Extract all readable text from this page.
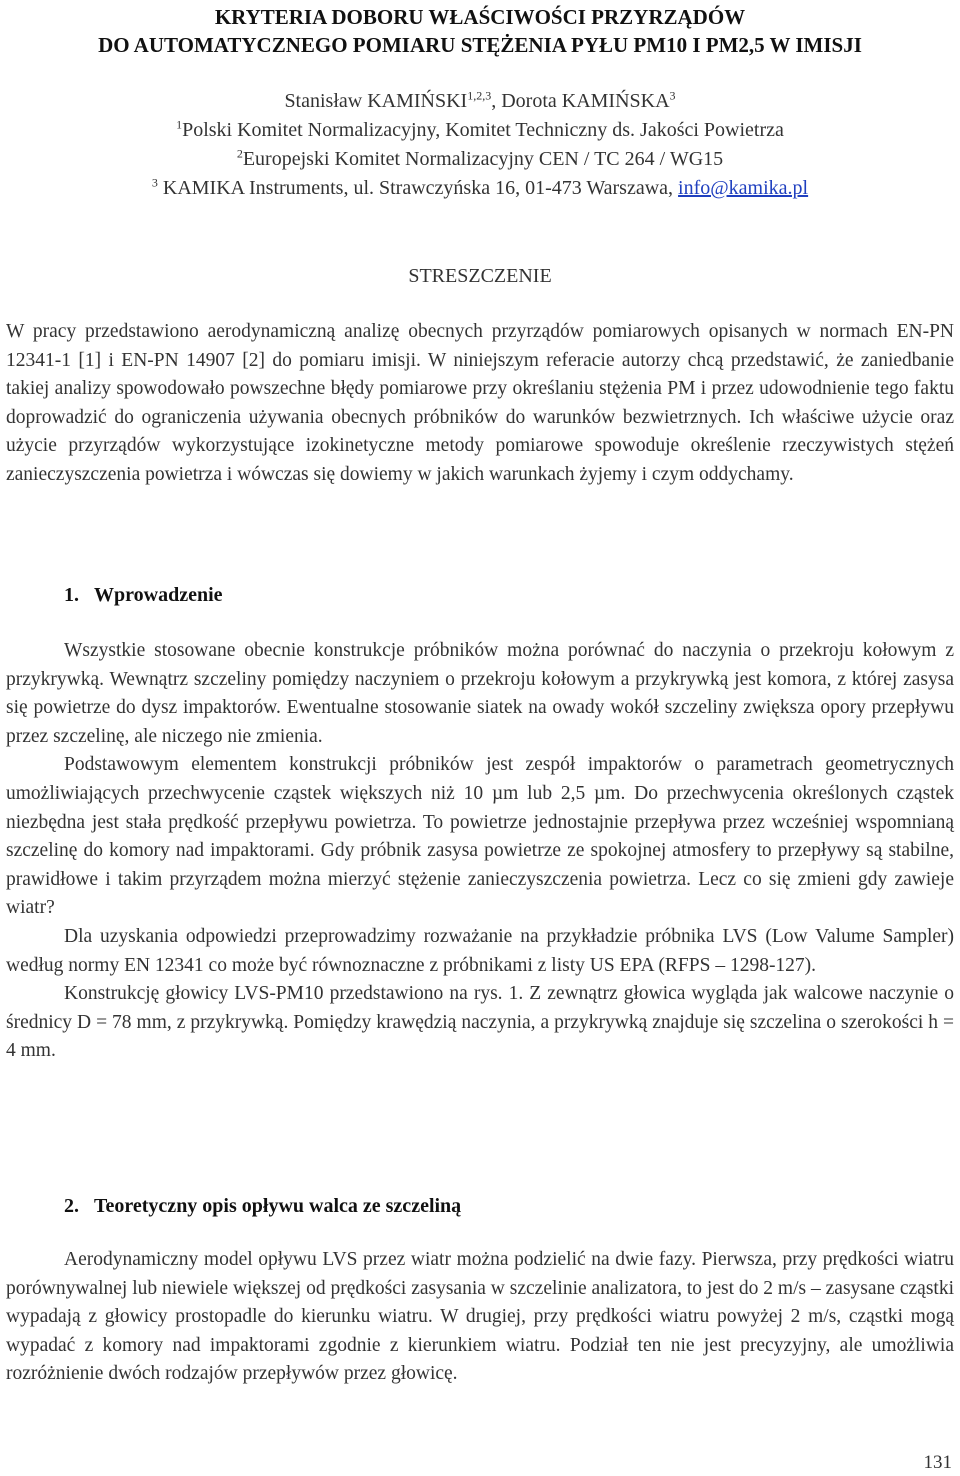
KRYTERIA DOBORU WŁAŚCIWOŚCI PRZYRZĄDÓW
DO AUTOMATYCZNEGO POMIARU STĘŻENIA PYŁU PM10 I PM2,5 W IMISJI
Stanisław KAMIŃSKI$^{1,2,3}$, Dorota KAMIŃSKA$^3$
$^1$Polski Komitet Normalizacyjny, Komitet Techniczny ds. Jakości Powietrza
$^2$Europejski Komitet Normalizacyjny CEN / TC 264 / WG15
$^3$ KAMIKA Instruments, ul. Strawczyńska 16, 01-473 Warszawa, info@kamika.pl
STRESZCZENIE

W pracy przedstawiono aerodynamiczną analizę obecnych przyrządów pomiarowych opisanych w normach EN-PN 12341-1 [1] i EN-PN 14907 [2] do pomiaru imisji. W niniejszym referacie autorzy chcą przedstawić, że zaniedbanie takiej analizy spowodowało powszechne błędy pomiarowe przy określaniu stężenia PM i przez udowodnienie tego faktu doprowadzić do ograniczenia używania obecnych próbników do warunków bezwietrznych. Ich właściwe użycie oraz użycie przyrządów wykorzystujące izokinetyczne metody pomiarowe spowoduje określenie rzeczywistych stężeń zanieczyszczenia powietrza i wówczas się dowiemy w jakich warunkach żyjemy i czym oddychamy.

1. Wprowadzenie

Wszystkie stosowane obecnie konstrukcje próbników można porównać do naczynia o przekroju kołowym z przykrywką. Wewnątrz szczeliny pomiędzy naczyniem o przekroju kołowym a przykrywką jest komora, z której zasysa się powietrze do dysz impaktorów. Ewentualne stosowanie siatek na owady wokół szczeliny zwiększa opory przepływu przez szczelinę, ale niczego nie zmienia.

Podstawowym elementem konstrukcji próbników jest zespół impaktorów o parametrach geometrycznych umożliwiających przechwycenie cząstek większych niż 10 µm lub 2,5 µm. Do przechwycenia określonych cząstek niezbędna jest stała prędkość przepływu powietrza. To powietrze jednostajnie przepływa przez wcześniej wspomnianą szczelinę do komory nad impaktorami. Gdy próbnik zasysa powietrze ze spokojnej atmosfery to przepływy są stabilne, prawidłowe i takim przyrządem można mierzyć stężenie zanieczyszczenia powietrza. Lecz co się zmieni gdy zawieje wiatr?

Dla uzyskania odpowiedzi przeprowadzimy rozważanie na przykładzie próbnika LVS (Low Valume Sampler) według normy EN 12341 co może być równoznaczne z próbnikami z listy US EPA (RFPS – 1298-127).

Konstrukcję głowicy LVS-PM10 przedstawiono na rys. 1. Z zewnątrz głowica wygląda jak walcowe naczynie o średnicy D = 78 mm, z przykrywką. Pomiędzy krawędzią naczynia, a przykrywką znajduje się szczelina o szerokości h = 4 mm.

2. Teoretyczny opis opływu walca ze szczeliną

Aerodynamiczny model opływu LVS przez wiatr można podzielić na dwie fazy. Pierwsza, przy prędkości wiatru porównywalnej lub niewiele większej od prędkości zasysania w szczelinie analizatora, to jest do 2 m/s – zasysane cząstki wypadają z głowicy prostopadle do kierunku wiatru. W drugiej, przy prędkości wiatru powyżej 2 m/s, cząstki mogą wypadać z komory nad impaktorami zgodnie z kierunkiem wiatru. Podział ten nie jest precyzyjny, ale umożliwia rozróżnienie dwóch rodzajów przepływów przez głowicę.

131
